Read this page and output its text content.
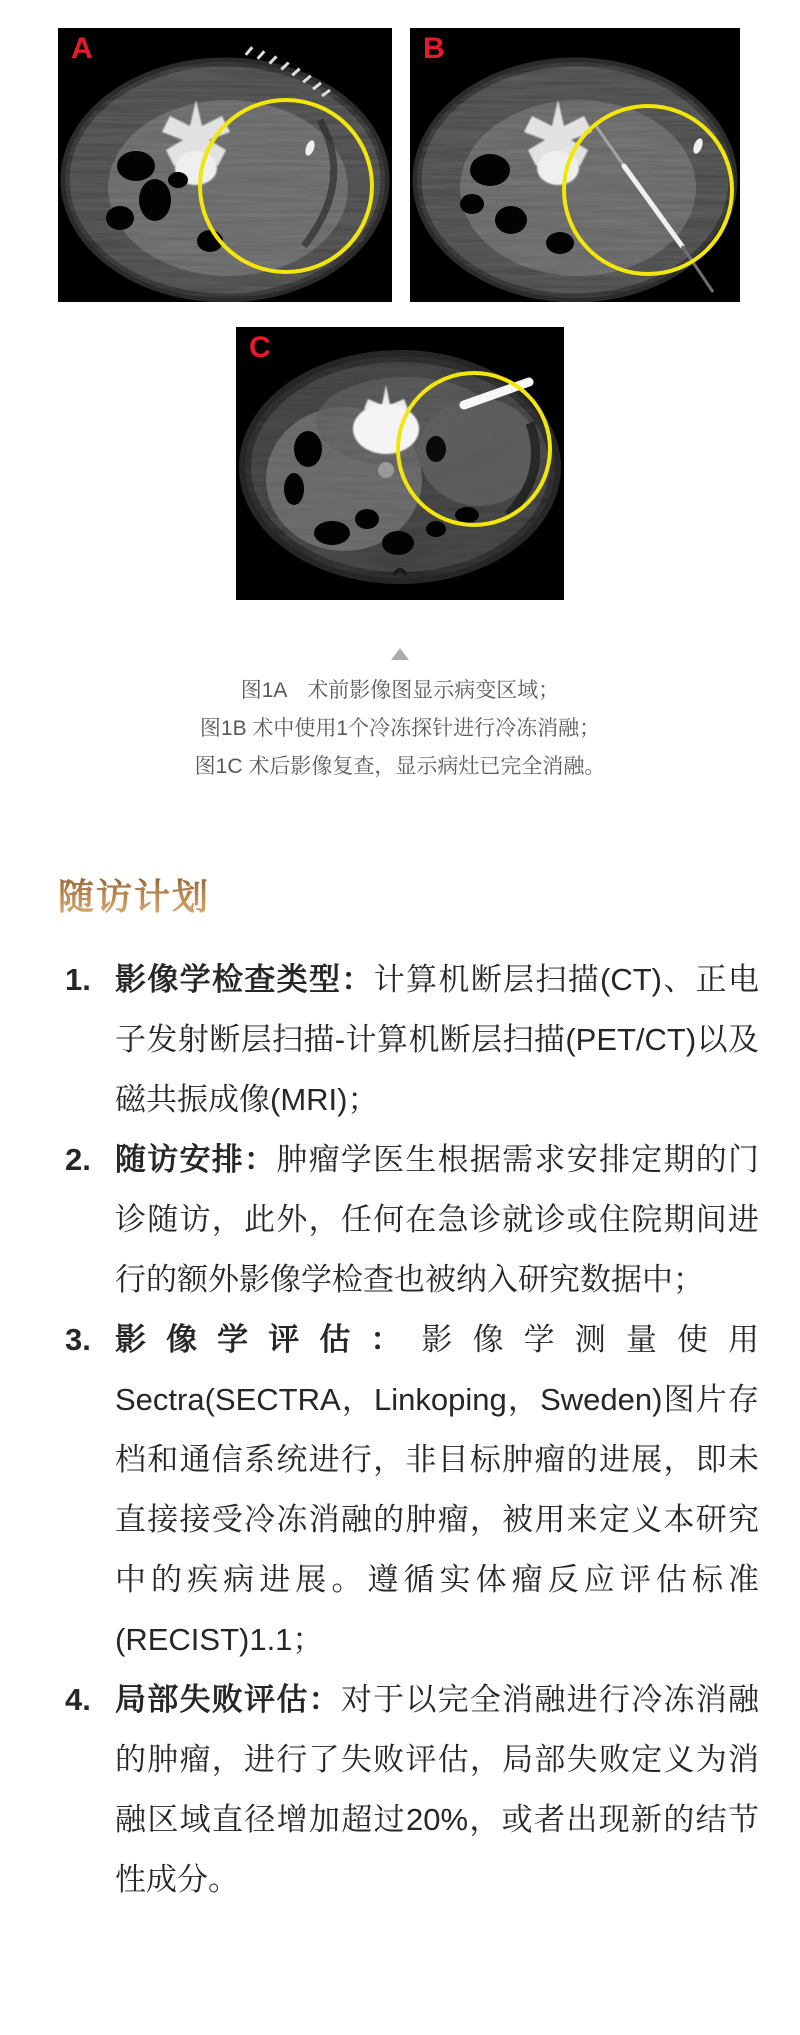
A	B
C
图1A　术前影像图显示病变区域；
图1B 术中使用1个冷冻探针进行冷冻消融；
图1C 术后影像复查，显示病灶已完全消融。
随访计划
1. 影像学检查类型：计算机断层扫描(CT)、正电子发射断层扫描-计算机断层扫描(PET/CT)以及磁共振成像(MRI)；
2. 随访安排：肿瘤学医生根据需求安排定期的门诊随访，此外，任何在急诊就诊或住院期间进行的额外影像学检查也被纳入研究数据中；
3. 影像学评估：影像学测量使用Sectra(SECTRA，Linkoping，Sweden)图片存档和通信系统进行，非目标肿瘤的进展，即未直接接受冷冻消融的肿瘤，被用来定义本研究中的疾病进展。遵循实体瘤反应评估标准(RECIST)1.1；
4. 局部失败评估：对于以完全消融进行冷冻消融的肿瘤，进行了失败评估，局部失败定义为消融区域直径增加超过20%，或者出现新的结节性成分。
